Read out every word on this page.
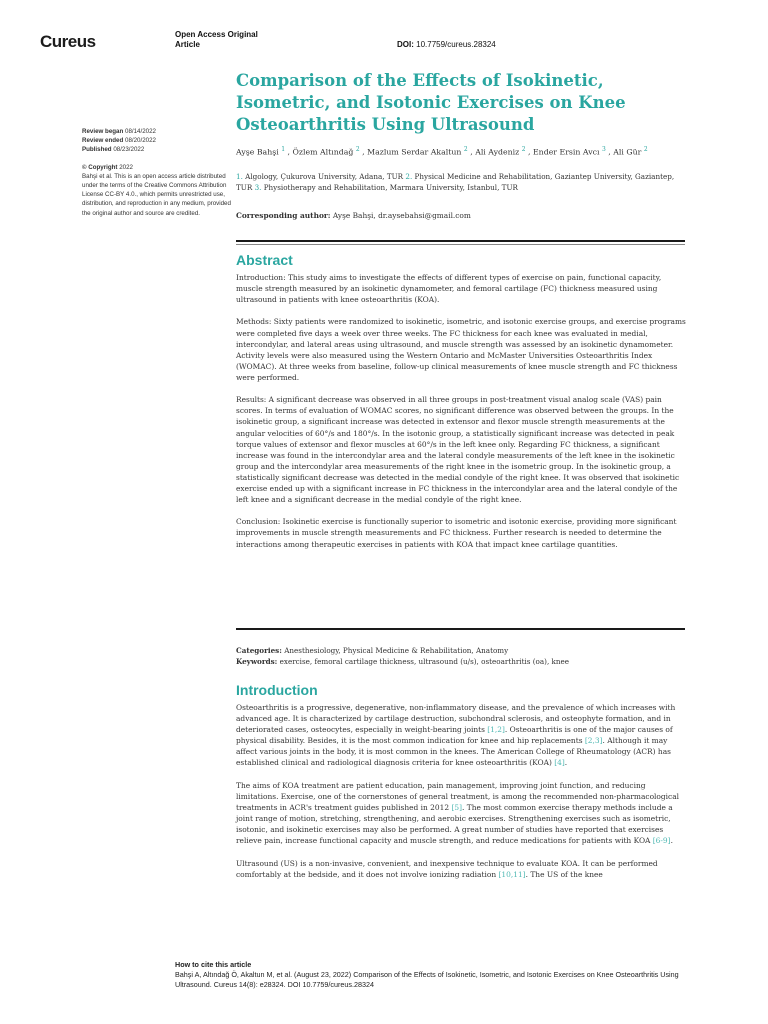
Cureus	Open Access Original
Article	DOI: 10.7759/cureus.28324
Comparison of the Effects of Isokinetic, Isometric, and Isotonic Exercises on Knee Osteoarthritis Using Ultrasound
Review began 08/14/2022
Review ended 08/20/2022
Published 08/23/2022
© Copyright 2022
Bahşi et al. This is an open access article distributed under the terms of the Creative Commons Attribution License CC-BY 4.0., which permits unrestricted use, distribution, and reproduction in any medium, provided the original author and source are credited.
Ayşe Bahşi $^1$ , Özlem Altındağ $^2$ , Mazlum Serdar Akaltun $^2$ , Ali Aydeniz $^2$ , Ender Ersin Avcı $^3$ , Ali Gür $^2$
1. Algology, Çukurova University, Adana, TUR 2. Physical Medicine and Rehabilitation, Gaziantep University, Gaziantep, TUR 3. Physiotherapy and Rehabilitation, Marmara University, Istanbul, TUR
Corresponding author: Ayşe Bahşi, dr.aysebahsi@gmail.com
Abstract

Introduction: This study aims to investigate the effects of different types of exercise on pain, functional capacity, muscle strength measured by an isokinetic dynamometer, and femoral cartilage (FC) thickness measured using ultrasound in patients with knee osteoarthritis (KOA).

Methods: Sixty patients were randomized to isokinetic, isometric, and isotonic exercise groups, and exercise programs were completed five days a week over three weeks. The FC thickness for each knee was evaluated in medial, intercondylar, and lateral areas using ultrasound, and muscle strength was assessed by an isokinetic dynamometer. Activity levels were also measured using the Western Ontario and McMaster Universities Osteoarthritis Index (WOMAC). At three weeks from baseline, follow-up clinical measurements of knee muscle strength and FC thickness were performed.

Results: A significant decrease was observed in all three groups in post-treatment visual analog scale (VAS) pain scores. In terms of evaluation of WOMAC scores, no significant difference was observed between the groups. In the isokinetic group, a significant increase was detected in extensor and flexor muscle strength measurements at the angular velocities of 60°/s and 180°/s. In the isotonic group, a statistically significant increase was detected in peak torque values of extensor and flexor muscles at 60°/s in the left knee only. Regarding FC thickness, a significant increase was found in the intercondylar area and the lateral condyle measurements of the left knee in the isokinetic group and the intercondylar area measurements of the right knee in the isometric group. In the isokinetic group, a statistically significant decrease was detected in the medial condyle of the right knee. It was observed that isokinetic exercise ended up with a significant increase in FC thickness in the intercondylar area and the lateral condyle of the left knee and a significant decrease in the medial condyle of the right knee.

Conclusion: Isokinetic exercise is functionally superior to isometric and isotonic exercise, providing more significant improvements in muscle strength measurements and FC thickness. Further research is needed to determine the interactions among therapeutic exercises in patients with KOA that impact knee cartilage quantities.

Categories: Anesthesiology, Physical Medicine & Rehabilitation, Anatomy
Keywords: exercise, femoral cartilage thickness, ultrasound (u/s), osteoarthritis (oa), knee
Introduction

Osteoarthritis is a progressive, degenerative, non-inflammatory disease, and the prevalence of which increases with advanced age. It is characterized by cartilage destruction, subchondral sclerosis, and osteophyte formation, and in deteriorated cases, osteocytes, especially in weight-bearing joints [1,2]. Osteoarthritis is one of the major causes of physical disability. Besides, it is the most common indication for knee and hip replacements [2,3]. Although it may affect various joints in the body, it is most common in the knees. The American College of Rheumatology (ACR) has established clinical and radiological diagnosis criteria for knee osteoarthritis (KOA) [4].

The aims of KOA treatment are patient education, pain management, improving joint function, and reducing limitations. Exercise, one of the cornerstones of general treatment, is among the recommended non-pharmacological treatments in ACR's treatment guides published in 2012 [5]. The most common exercise therapy methods include a joint range of motion, stretching, strengthening, and aerobic exercises. Strengthening exercises such as isometric, isotonic, and isokinetic exercises may also be performed. A great number of studies have reported that exercises relieve pain, increase functional capacity and muscle strength, and reduce medications for patients with KOA [6-9].

Ultrasound (US) is a non-invasive, convenient, and inexpensive technique to evaluate KOA. It can be performed comfortably at the bedside, and it does not involve ionizing radiation [10,11]. The US of the knee

How to cite this article
Bahşi A, Altındağ Ö, Akaltun M, et al. (August 23, 2022) Comparison of the Effects of Isokinetic, Isometric, and Isotonic Exercises on Knee Osteoarthritis Using Ultrasound. Cureus 14(8): e28324. DOI 10.7759/cureus.28324
